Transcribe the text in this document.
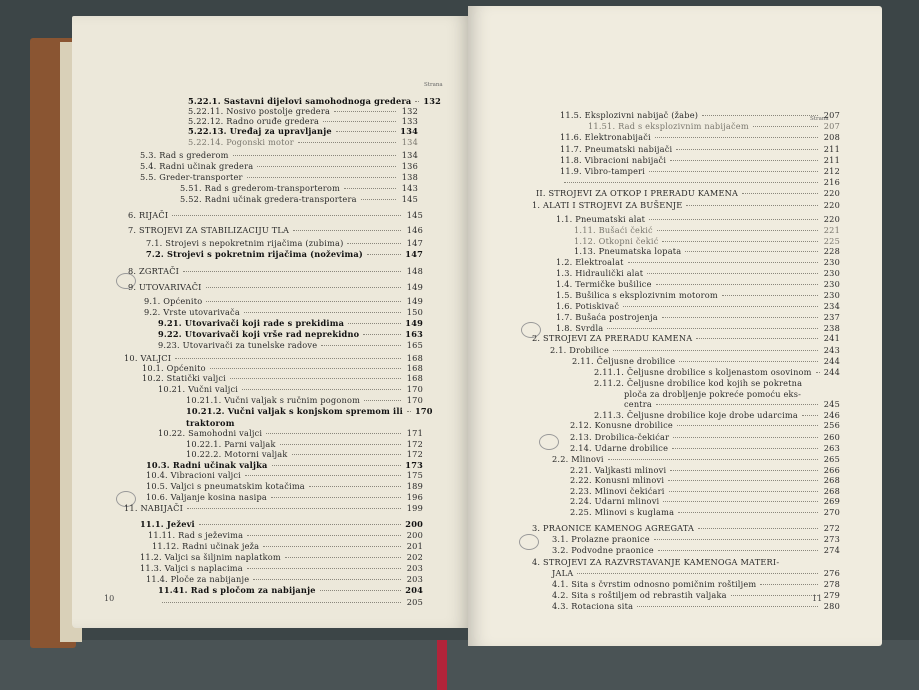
Strana
Strana
10	11
5.22.1. Sastavni dijelovi samohodnoga gredera 132
5.22.11. Nosivo postolje gredera	132
5.22.12. Radno oruđe gredera	133
5.22.13. Uređaj za upravljanje	134
5.22.14. Pogonski motor	134
5.3. Rad s grederom	134
5.4. Radni učinak gredera	136
5.5. Greder-transporter	138
5.51. Rad s grederom-transporterom	143
5.52. Radni učinak gredera-transportera	145
6. RIJAČI	145
7. STROJEVI ZA STABILIZACIJU TLA	146
7.1. Strojevi s nepokretnim rijačima (zubima)	147
7.2. Strojevi s pokretnim rijačima (noževima)	147
8. ZGRTAČI	148
9. UTOVARIVAČI	149
9.1. Općenito	149
9.2. Vrste utovarivača	150
9.21. Utovarivači koji rade s prekidima	149
9.22. Utovarivači koji vrše rad neprekidno	163
9.23. Utovarivači za tunelske radove	165
10. VALJCI	168
10.1. Općenito	168
10.2. Statički valjci	168
10.21. Vučni valjci	170
10.21.1. Vučni valjak s ručnim pogonom	170
10.21.2. Vučni valjak s konjskom spremom ili 170
traktorom
10.22. Samohodni valjci	171
10.22.1. Parni valjak	172
10.22.2. Motorni valjak	172
10.3. Radni učinak valjka	173
10.4. Vibracioni valjci	175
10.5. Valjci s pneumatskim kotačima	189
10.6. Valjanje kosina nasipa	196
11. NABIJAČI	199
11.1. Ježevi	200
11.11. Rad s ježevima	200
11.12. Radni učinak ježa	201
11.2. Valjci sa šiljnim naplatkom	202
11.3. Valjci s naplacima	203
11.4. Ploče za nabijanje	203
11.41. Rad s pločom za nabijanje	204
205
11.5. Eksplozivni nabijač (žabe)	207
11.51. Rad s eksplozivnim nabijačem	207
11.6. Elektronabijači	208
11.7. Pneumatski nabijači	211
11.8. Vibracioni nabijači	211
11.9. Vibro-tamperi	212
216
II. STROJEVI ZA OTKOP I PRERADU KAMENA	220
1. ALATI I STROJEVI ZA BUŠENJE	220
1.1. Pneumatski alat	220
1.11. Bušaći čekić	221
1.12. Otkopni čekić	225
1.13. Pneumatska lopata	228
1.2. Elektroalat	230
1.3. Hidraulički alat	230
1.4. Termičke bušilice	230
1.5. Bušilica s eksplozivnim motorom	230
1.6. Potiskivač	234
1.7. Bušaća postrojenja	237
1.8. Svrdla	238
2. STROJEVI ZA PRERADU KAMENA	241
2.1. Drobilice	243
2.11. Čeljusne drobilice	244
2.11.1. Čeljusne drobilice s koljenastom osovinom 244
2.11.2. Čeljusne drobilice kod kojih se pokretna
ploča za drobljenje pokreće pomoću eks-
centra	245
2.11.3. Čeljusne drobilice koje drobe udarcima	246
2.12. Konusne drobilice	256
2.13. Drobilica-čekićar	260
2.14. Udarne drobilice	263
2.2. Mlinovi	265
2.21. Valjkasti mlinovi	266
2.22. Konusni mlinovi	268
2.23. Mlinovi čekićari	268
2.24. Udarni mlinovi	269
2.25. Mlinovi s kuglama	270
3. PRAONICE KAMENOG AGREGATA	272
3.1. Prolazne praonice	273
3.2. Podvodne praonice	274
4. STROJEVI ZA RAZVRSTAVANJE KAMENOGA MATERI-
JALA	276
4.1. Sita s čvrstim odnosno pomičnim roštiljem	278
4.2. Sita s roštiljem od rebrastih valjaka	279
4.3. Rotaciona sita	280
